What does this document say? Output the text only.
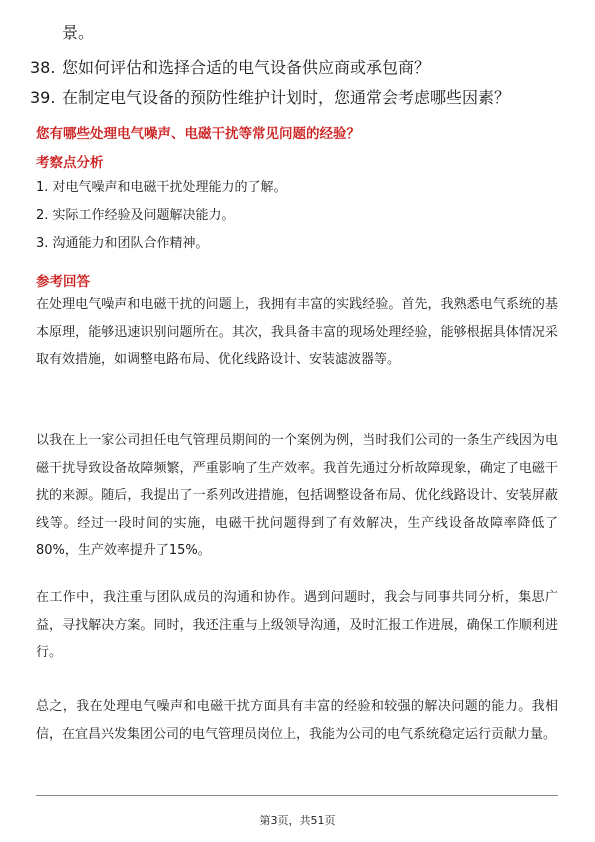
景。
38. 您如何评估和选择合适的电气设备供应商或承包商？
39. 在制定电气设备的预防性维护计划时，您通常会考虑哪些因素？
您有哪些处理电气噪声、电磁干扰等常见问题的经验？
考察点分析
1. 对电气噪声和电磁干扰处理能力的了解。
2. 实际工作经验及问题解决能力。
3. 沟通能力和团队合作精神。
参考回答

在处理电气噪声和电磁干扰的问题上，我拥有丰富的实践经验。首先，我熟悉电气系统的基本原理，能够迅速识别问题所在。其次，我具备丰富的现场处理经验，能够根据具体情况采取有效措施，如调整电路布局、优化线路设计、安装滤波器等。

以我在上一家公司担任电气管理员期间的一个案例为例，当时我们公司的一条生产线因为电磁干扰导致设备故障频繁，严重影响了生产效率。我首先通过分析故障现象，确定了电磁干扰的来源。随后，我提出了一系列改进措施，包括调整设备布局、优化线路设计、安装屏蔽线等。经过一段时间的实施，电磁干扰问题得到了有效解决，生产线设备故障率降低了80%，生产效率提升了15%。

在工作中，我注重与团队成员的沟通和协作。遇到问题时，我会与同事共同分析，集思广益，寻找解决方案。同时，我还注重与上级领导沟通，及时汇报工作进展，确保工作顺利进行。

总之，我在处理电气噪声和电磁干扰方面具有丰富的经验和较强的解决问题的能力。我相信，在宜昌兴发集团公司的电气管理员岗位上，我能为公司的电气系统稳定运行贡献力量。

第3页，共51页
